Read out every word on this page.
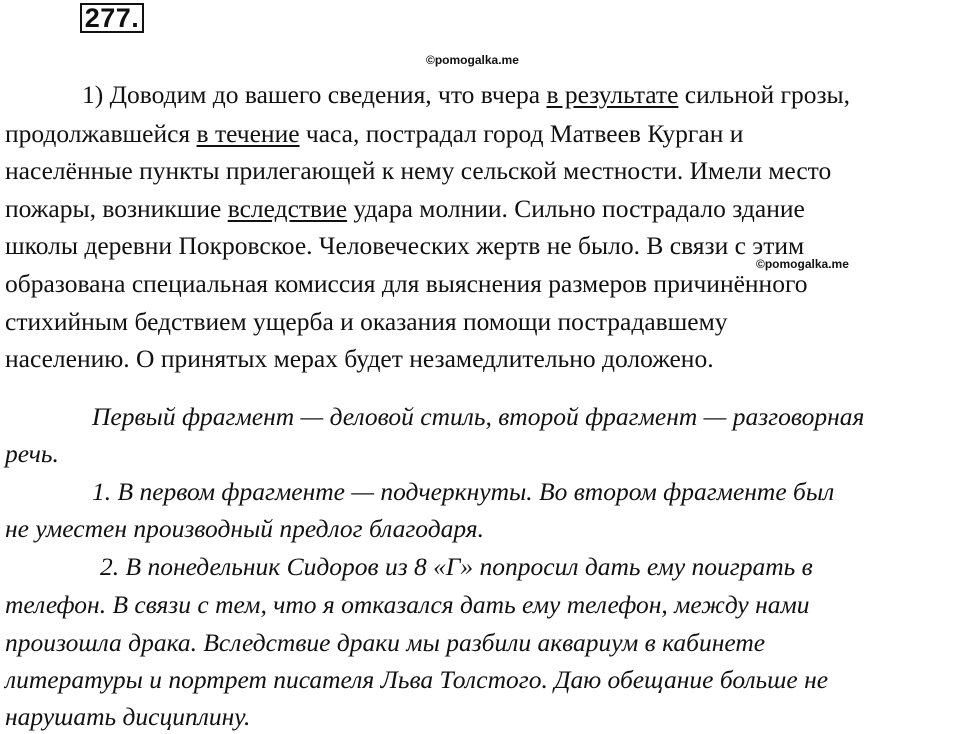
277.
©pomogalka.me
©pomogalka.me
1) Доводим до вашего сведения, что вчера в результате сильной грозы,
продолжавшейся в течение часа, пострадал город Матвеев Курган и
населённые пункты прилегающей к нему сельской местности. Имели место
пожары, возникшие вследствие удара молнии. Сильно пострадало здание
школы деревни Покровское. Человеческих жертв не было. В связи с этим
образована специальная комиссия для выяснения размеров причинённого
стихийным бедствием ущерба и оказания помощи пострадавшему
населению. О принятых мерах будет незамедлительно доложено.
Первый фрагмент — деловой стиль, второй фрагмент — разговорная
речь.
1. В первом фрагменте — подчеркнуты. Во втором фрагменте был
не уместен производный предлог благодаря.
2. В понедельник Сидоров из 8 «Г» попросил дать ему поиграть в
телефон. В связи с тем, что я отказался дать ему телефон, между нами
произошла драка. Вследствие драки мы разбили аквариум в кабинете
литературы и портрет писателя Льва Толстого. Даю обещание больше не
нарушать дисциплину.
